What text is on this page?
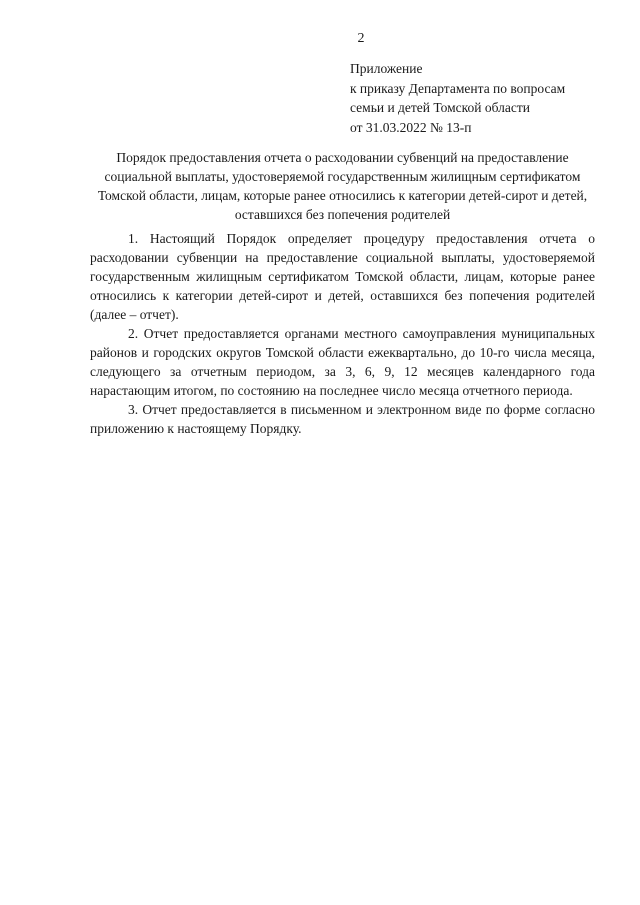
2
Приложение
к приказу Департамента по вопросам
семьи и детей Томской области
от 31.03.2022 № 13-п
Порядок предоставления отчета о расходовании субвенций на предоставление социальной выплаты, удостоверяемой государственным жилищным сертификатом Томской области, лицам, которые ранее относились к категории детей-сирот и детей, оставшихся без попечения родителей

1. Настоящий Порядок определяет процедуру предоставления отчета о расходовании субвенции на предоставление социальной выплаты, удостоверяемой государственным жилищным сертификатом Томской области, лицам, которые ранее относились к категории детей-сирот и детей, оставшихся без попечения родителей (далее – отчет).

2. Отчет предоставляется органами местного самоуправления муниципальных районов и городских округов Томской области ежеквартально, до 10-го числа месяца, следующего за отчетным периодом, за 3, 6, 9, 12 месяцев календарного года нарастающим итогом, по состоянию на последнее число месяца отчетного периода.

3. Отчет предоставляется в письменном и электронном виде по форме согласно приложению к настоящему Порядку.
